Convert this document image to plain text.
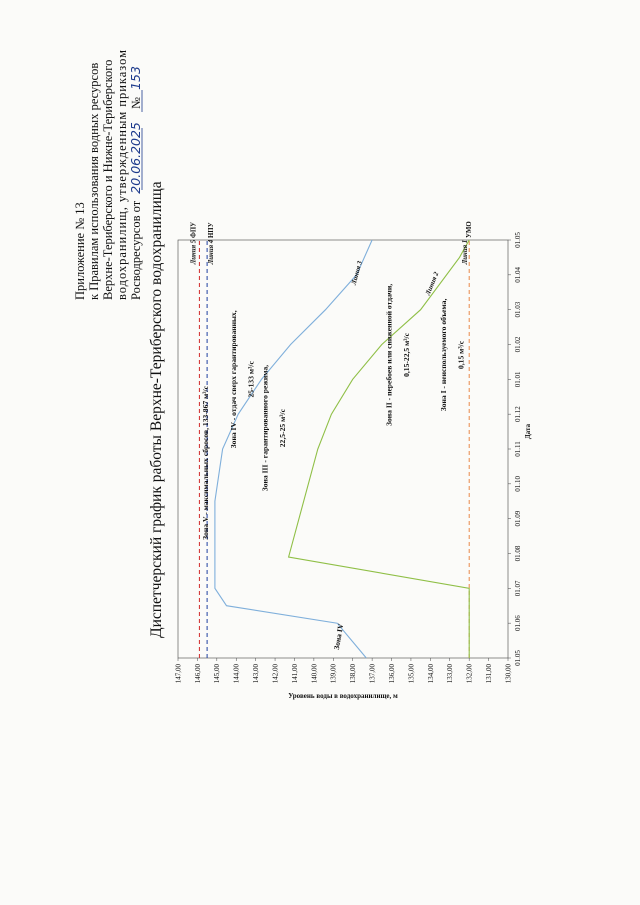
Приложение № 13 к Правилам использования водных ресурсов Верхне-Териберского и Нижне-Териберского водохранилищ, утвержденным приказом
Росводресурсов от 20.06.2025 № 153
Диспетчерский график работы Верхне-Териберского водохранилища
130,00
131,00
132,00
133,00
134,00
135,00
136,00
137,00
138,00
139,00
140,00
141,00
142,00
143,00
144,00
145,00
146,00
147,00
01.05
01.06
01.07
01.08
01.09
01.10
01.11
01.12
01.01
01.02
01.03
01.04
01.05
Уровень воды в водохранилище, м
Дата
Линия 5 Линия 4
Линия 3	Линия 2
Линия 1
ФПУ НПУ	УМО
Зона V - максимальных сбросов, 133-867 м³/с
Зона IV - отдач сверх гарантированных, 25-133 м³/с Зона III - гарантированного режима, 22,5-25 м³/с
Зона II - перебоев или сниженной отдачи, 0,15-22,5 м³/с	Зона I - неиспользуемого объема, 0,15 м³/с
Зона IV
